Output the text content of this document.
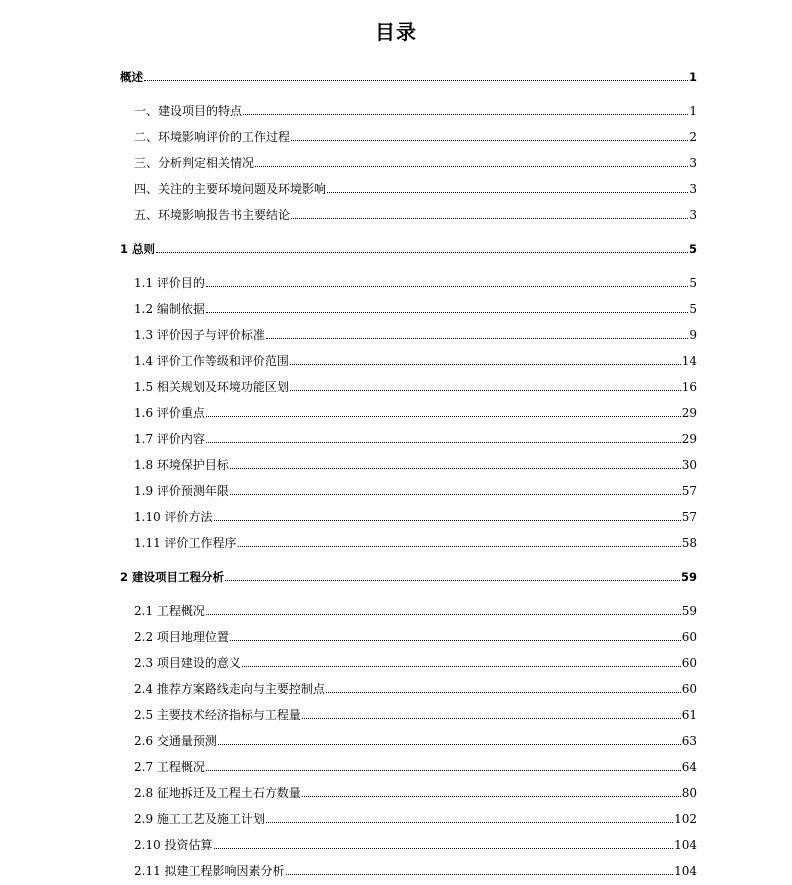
目录
概述	1
一、建设项目的特点	1
二、环境影响评价的工作过程	2
三、分析判定相关情况	3
四、关注的主要环境问题及环境影响	3
五、环境影响报告书主要结论	3
1 总则	5
1.1 评价目的	5
1.2 编制依据	5
1.3 评价因子与评价标准	9
1.4 评价工作等级和评价范围	14
1.5 相关规划及环境功能区划	16
1.6 评价重点	29
1.7 评价内容	29
1.8 环境保护目标	30
1.9 评价预测年限	57
1.10 评价方法	57
1.11 评价工作程序	58
2 建设项目工程分析	59
2.1 工程概况	59
2.2 项目地理位置	60
2.3 项目建设的意义	60
2.4 推荐方案路线走向与主要控制点	60
2.5 主要技术经济指标与工程量	61
2.6 交通量预测	63
2.7 工程概况	64
2.8 征地拆迁及工程土石方数量	80
2.9 施工工艺及施工计划	102
2.10 投资估算	104
2.11 拟建工程影响因素分析	104
